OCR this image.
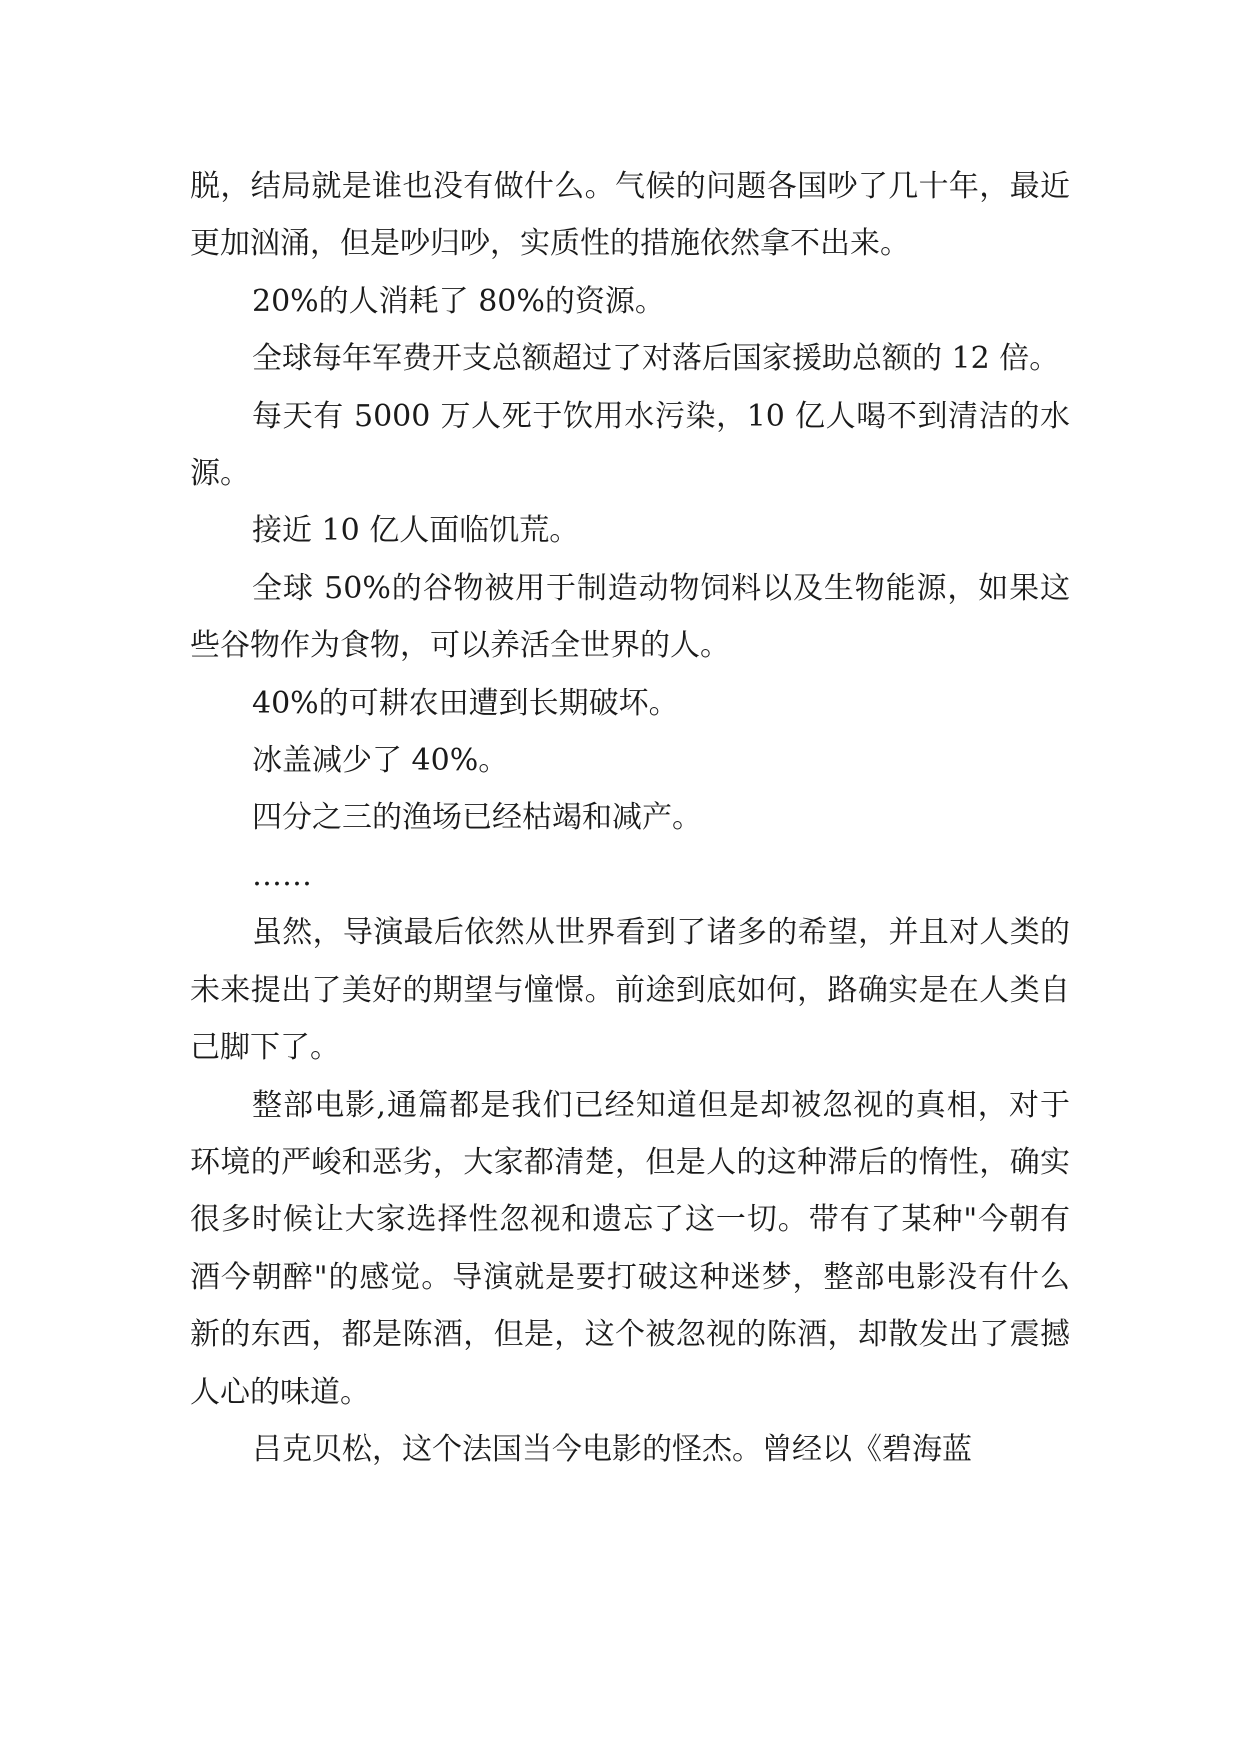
脱，结局就是谁也没有做什么。气候的问题各国吵了几十年，最近更加汹涌，但是吵归吵，实质性的措施依然拿不出来。

20%的人消耗了 80%的资源。

全球每年军费开支总额超过了对落后国家援助总额的 12 倍。

每天有 5000 万人死于饮用水污染，10 亿人喝不到清洁的水源。

接近 10 亿人面临饥荒。

全球 50%的谷物被用于制造动物饲料以及生物能源，如果这些谷物作为食物，可以养活全世界的人。

40%的可耕农田遭到长期破坏。

冰盖减少了 40%。

四分之三的渔场已经枯竭和减产。

……

虽然，导演最后依然从世界看到了诸多的希望，并且对人类的未来提出了美好的期望与憧憬。前途到底如何，路确实是在人类自己脚下了。

整部电影,通篇都是我们已经知道但是却被忽视的真相，对于环境的严峻和恶劣，大家都清楚，但是人的这种滞后的惰性，确实很多时候让大家选择性忽视和遗忘了这一切。带有了某种"今朝有酒今朝醉"的感觉。导演就是要打破这种迷梦，整部电影没有什么新的东西，都是陈酒，但是，这个被忽视的陈酒，却散发出了震撼人心的味道。

吕克贝松，这个法国当今电影的怪杰。曾经以《碧海蓝
